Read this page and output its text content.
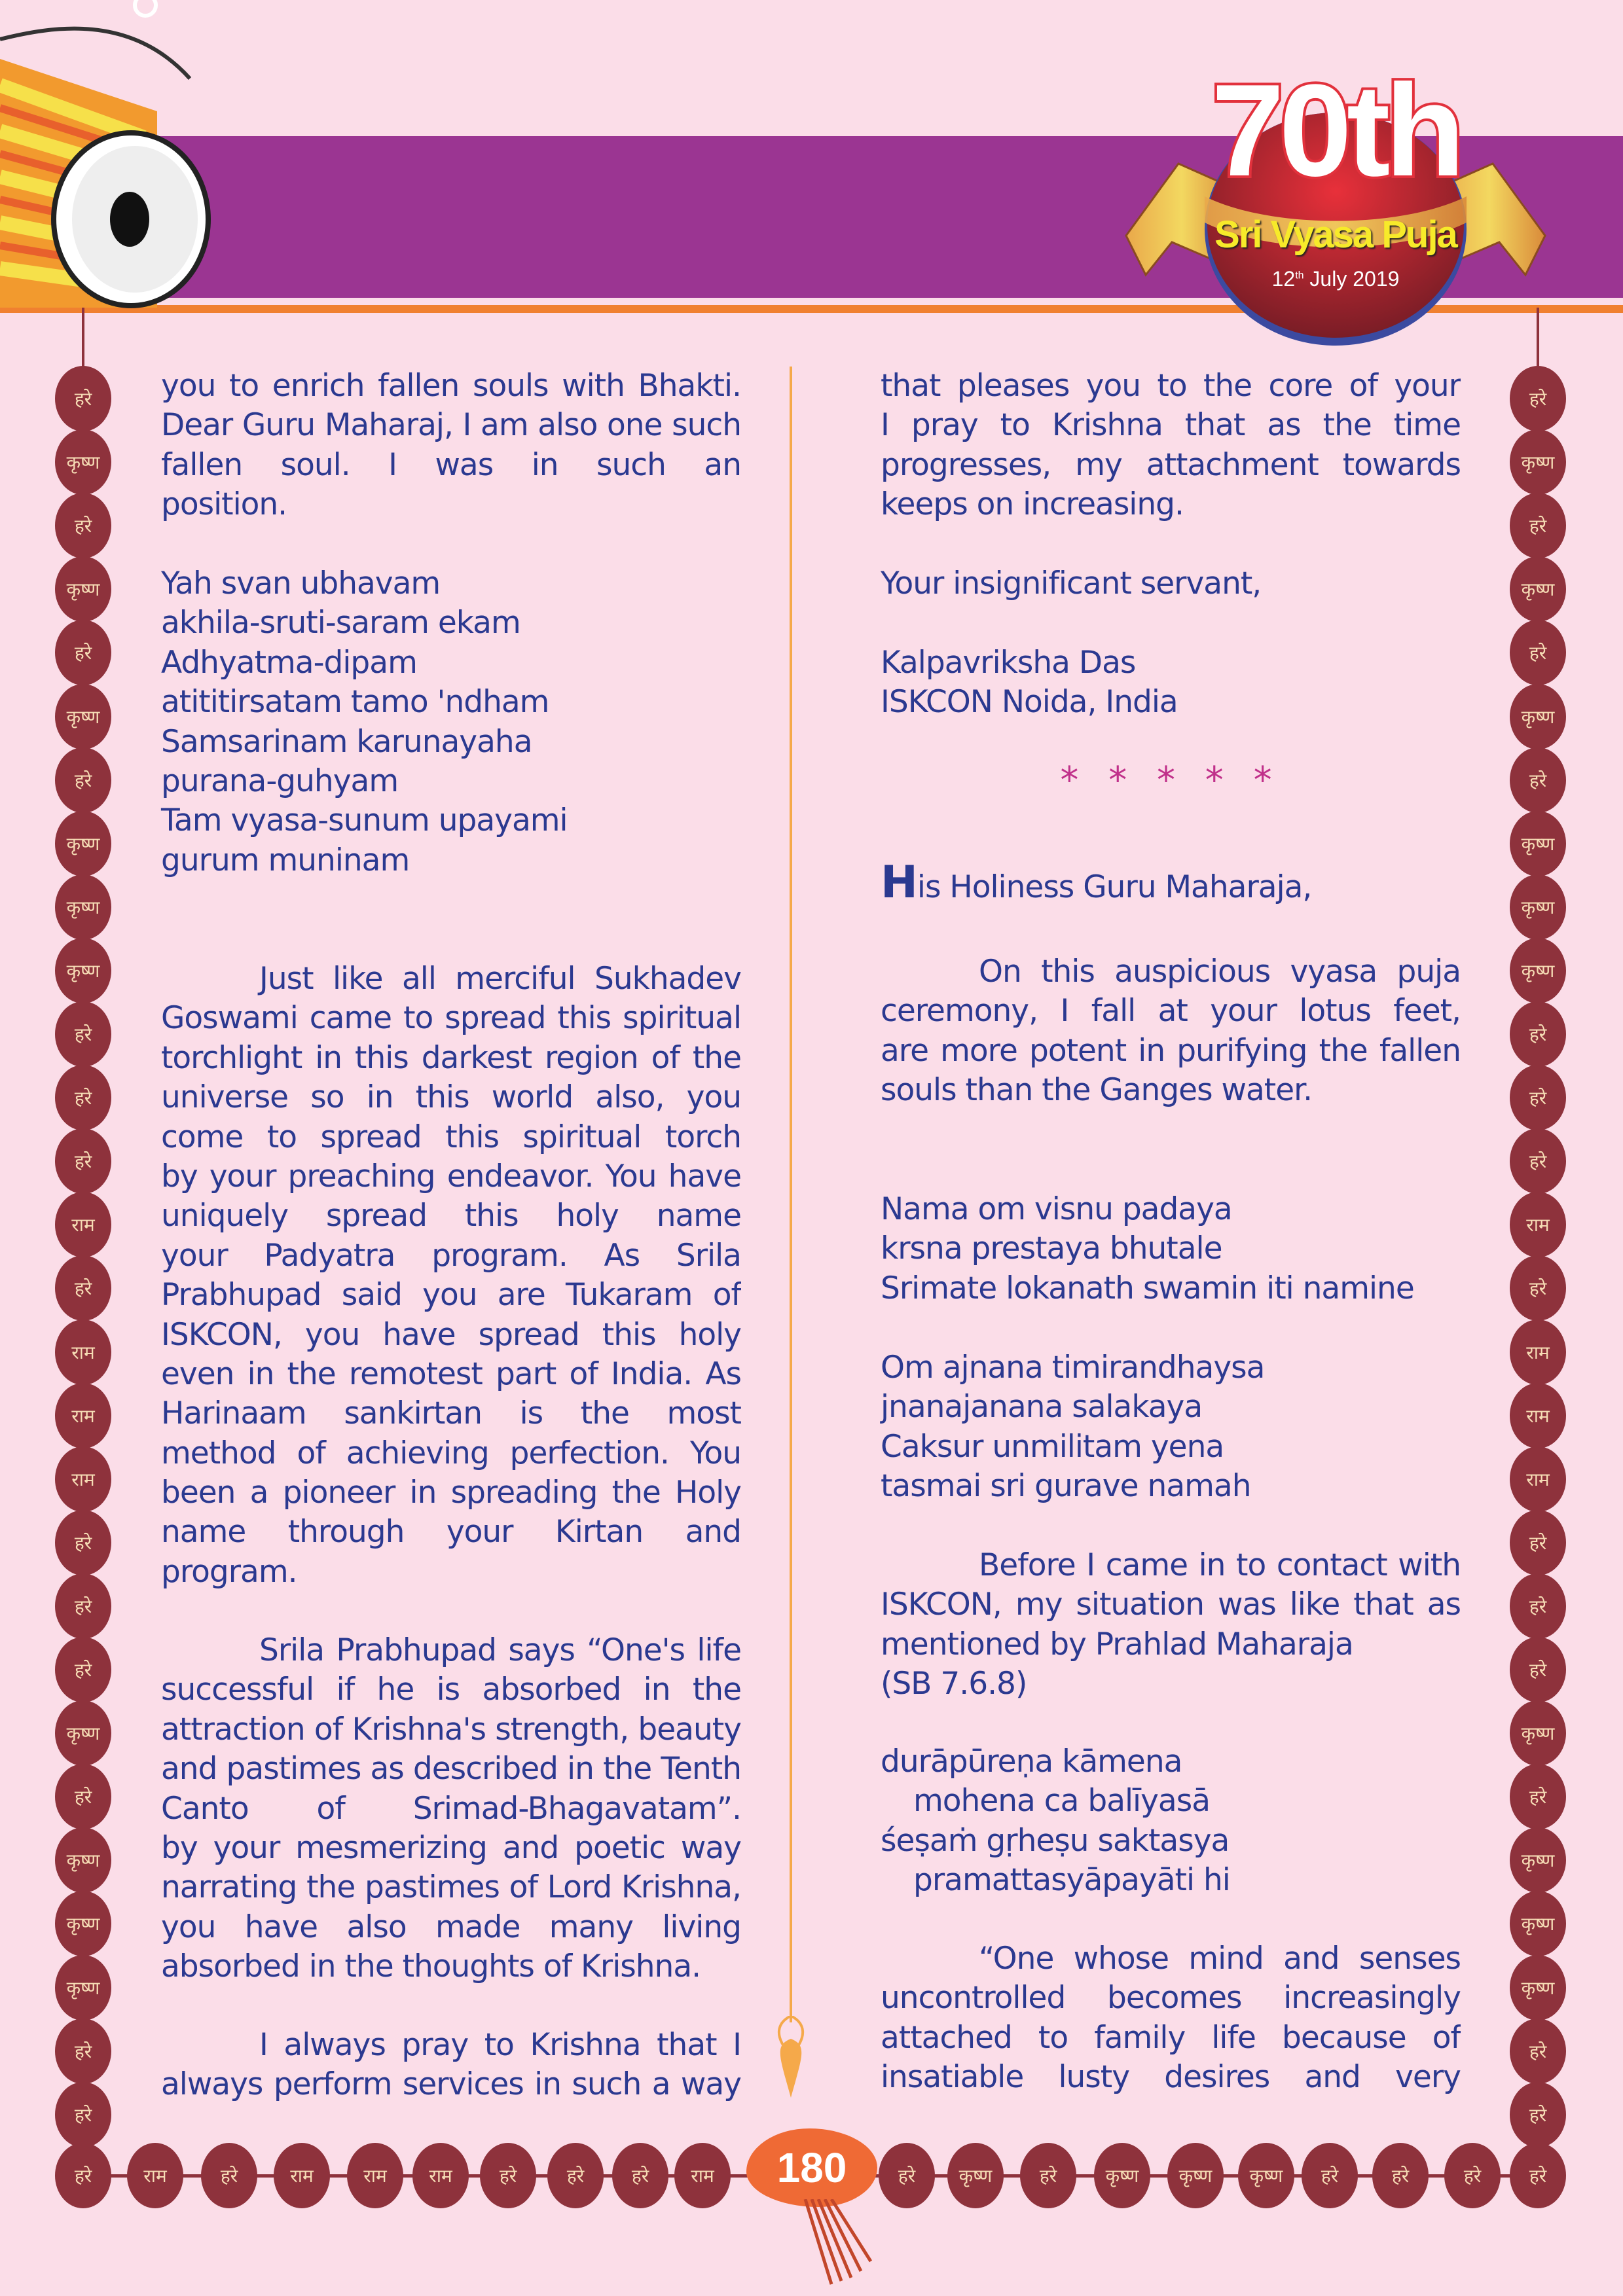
70th
Sri Vyasa Puja
12th July 2019
हरे
कृष्ण
हरे
कृष्ण
हरे
कृष्ण
हरे
कृष्ण
कृष्ण
कृष्ण
हरे
हरे
हरे
राम
हरे
राम
राम
राम
हरे
हरे
हरे
कृष्ण
हरे
कृष्ण
कृष्ण
कृष्ण
हरे
हरे
हरे
कृष्ण
हरे
कृष्ण
हरे
कृष्ण
हरे
कृष्ण
कृष्ण
कृष्ण
हरे
हरे
हरे
राम
हरे
राम
राम
राम
हरे
हरे
हरे
कृष्ण
हरे
कृष्ण
कृष्ण
कृष्ण
हरे
हरे
हरे	राम	हरे	राम	राम	राम	हरे	हरे	हरे	राम	हरे	कृष्ण	हरे	कृष्ण	कृष्ण	कृष्ण	हरे	हरे	हरे	हरे
* * * * *
you to enrich fallen souls with Bhakti.
Dear Guru Maharaj, I am also one such
fallen soul. I was in such an
position.
Yah svan ubhavam
akhila-sruti-saram ekam
Adhyatma-dipam
atititirsatam tamo 'ndham
Samsarinam karunayaha
purana-guhyam
Tam vyasa-sunum upayami
gurum muninam
Just like all merciful Sukhadev
Goswami came to spread this spiritual
torchlight in this darkest region of the
universe so in this world also, you
come to spread this spiritual torch
by your preaching endeavor. You have
uniquely spread this holy name
your Padyatra program. As Srila
Prabhupad said you are Tukaram of
ISKCON, you have spread this holy
even in the remotest part of India. As
Harinaam sankirtan is the most
method of achieving perfection. You
been a pioneer in spreading the Holy
name through your Kirtan and
program.
Srila Prabhupad says “One's life
successful if he is absorbed in the
attraction of Krishna's strength, beauty
and pastimes as described in the Tenth
Canto of Srimad-Bhagavatam”.
by your mesmerizing and poetic way
narrating the pastimes of Lord Krishna,
you have also made many living
absorbed in the thoughts of Krishna.
I always pray to Krishna that I
always perform services in such a way
that pleases you to the core of your
I pray to Krishna that as the time
progresses, my attachment towards
keeps on increasing.
Your insignificant servant,
Kalpavriksha Das
ISKCON Noida, India
His Holiness Guru Maharaja,
On this auspicious vyasa puja
ceremony, I fall at your lotus feet,
are more potent in purifying the fallen
souls than the Ganges water.
Nama om visnu padaya
krsna prestaya bhutale
Srimate lokanath swamin iti namine
Om ajnana timirandhaysa
jnanajanana salakaya
Caksur unmilitam yena
tasmai sri gurave namah
Before I came in to contact with
ISKCON, my situation was like that as
mentioned by Prahlad Maharaja
(SB 7.6.8)
durāpūreṇa kāmena
mohena ca balīyasā
śeṣaṁ gṛheṣu saktasya
pramattasyāpayāti hi
“One whose mind and senses
uncontrolled becomes increasingly
attached to family life because of
insatiable lusty desires and very
180
